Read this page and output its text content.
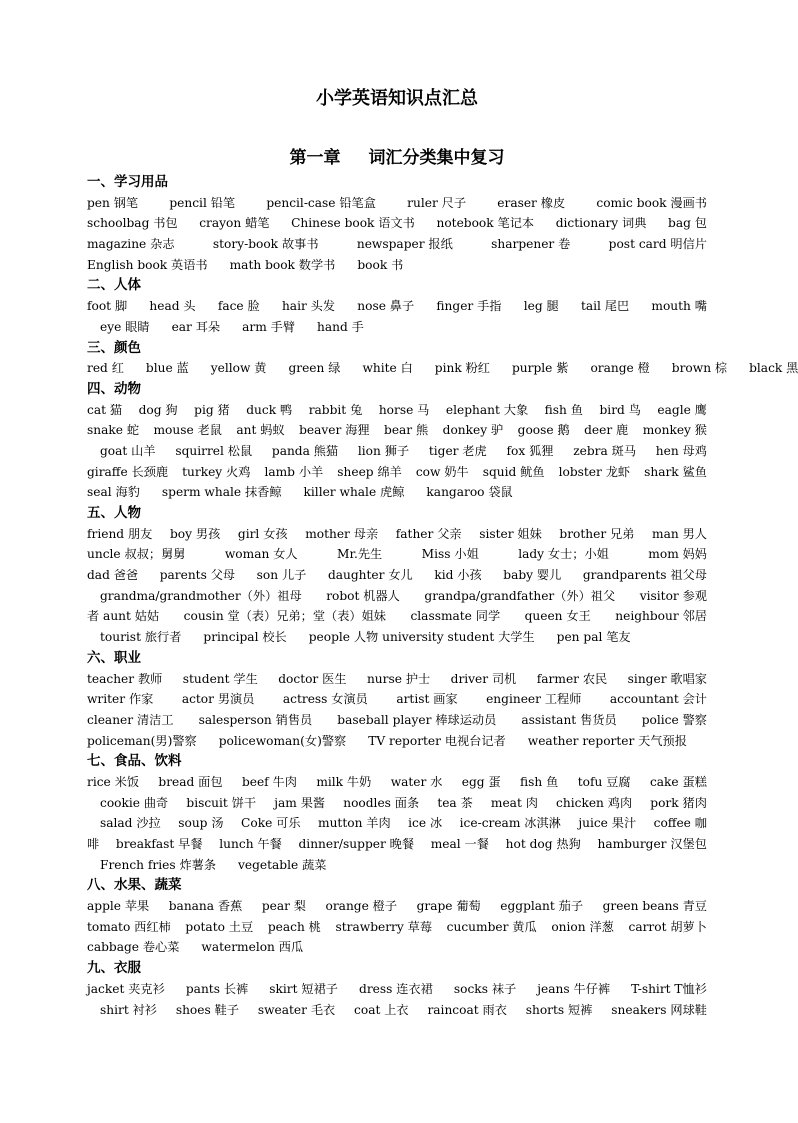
小学英语知识点汇总
第一章 词汇分类集中复习
一、学习用品
pen 钢笔	pencil 铅笔	pencil-case 铅笔盒	ruler 尺子	eraser 橡皮	comic book 漫画书
schoolbag 书包 crayon 蜡笔 Chinese book 语文书 notebook 笔记本 dictionary 词典 bag 包
magazine 杂志	story-book 故事书	newspaper 报纸	sharpener 卷	post card 明信片
English book 英语书 math book 数学书 book 书
二、人体
foot 脚 head 头 face 脸 hair 头发 nose 鼻子 finger 手指 leg 腿 tail 尾巴 mouth 嘴
eye 眼睛 ear 耳朵 arm 手臂 hand 手
三、颜色
red 红 blue 蓝 yellow 黄 green 绿 white 白 pink 粉红 purple 紫 orange 橙 brown 棕 black 黑
四、动物
cat 猫 dog 狗 pig 猪 duck 鸭 rabbit 兔 horse 马 elephant 大象 fish 鱼 bird 鸟 eagle 鹰
snake 蛇 mouse 老鼠 ant 蚂蚁 beaver 海狸 bear 熊 donkey 驴 goose 鹅 deer 鹿 monkey 猴
goat 山羊 squirrel 松鼠 panda 熊猫 lion 狮子 tiger 老虎 fox 狐狸 zebra 斑马 hen 母鸡
giraffe 长颈鹿 turkey 火鸡 lamb 小羊 sheep 绵羊 cow 奶牛 squid 鱿鱼 lobster 龙虾 shark 鲨鱼
seal 海豹 sperm whale 抹香鲸 killer whale 虎鲸 kangaroo 袋鼠
五、人物
friend 朋友 boy 男孩 girl 女孩 mother 母亲 father 父亲 sister 姐妹 brother 兄弟 man 男人
uncle 叔叔；舅舅	woman 女人	Mr.先生	Miss 小姐	lady 女士；小姐	mom 妈妈
dad 爸爸 parents 父母 son 儿子 daughter 女儿 kid 小孩 baby 婴儿 grandparents 祖父母
grandma/grandmother（外）祖母 robot 机器人 grandpa/grandfather（外）祖父 visitor 参观
者 aunt 姑姑 cousin 堂（表）兄弟；堂（表）姐妹 classmate 同学 queen 女王 neighbour 邻居
tourist 旅行者 principal 校长 people 人物 university student 大学生 pen pal 笔友
六、职业
teacher 教师 student 学生 doctor 医生 nurse 护士 driver 司机 farmer 农民 singer 歌唱家
writer 作家 actor 男演员 actress 女演员 artist 画家 engineer 工程师 accountant 会计
cleaner 清洁工 salesperson 销售员 baseball player 棒球运动员 assistant 售货员 police 警察
policeman(男)警察 policewoman(女)警察 TV reporter 电视台记者 weather reporter 天气预报
七、食品、饮料
rice 米饭 bread 面包 beef 牛肉 milk 牛奶 water 水 egg 蛋 fish 鱼 tofu 豆腐 cake 蛋糕
cookie 曲奇 biscuit 饼干 jam 果酱 noodles 面条 tea 茶 meat 肉 chicken 鸡肉 pork 猪肉
salad 沙拉 soup 汤 Coke 可乐 mutton 羊肉 ice 冰 ice-cream 冰淇淋 juice 果汁 coffee 咖
啡 breakfast 早餐 lunch 午餐 dinner/supper 晚餐 meal 一餐 hot dog 热狗 hamburger 汉堡包
French fries 炸薯条 vegetable 蔬菜
八、水果、蔬菜
apple 苹果 banana 香蕉 pear 梨 orange 橙子 grape 葡萄 eggplant 茄子 green beans 青豆
tomato 西红柿 potato 土豆 peach 桃 strawberry 草莓 cucumber 黄瓜 onion 洋葱 carrot 胡萝卜
cabbage 卷心菜 watermelon 西瓜
九、衣服
jacket 夹克衫 pants 长裤 skirt 短裙子 dress 连衣裙 socks 袜子 jeans 牛仔裤 T-shirt T恤衫
shirt 衬衫 shoes 鞋子 sweater 毛衣 coat 上衣 raincoat 雨衣 shorts 短裤 sneakers 网球鞋
